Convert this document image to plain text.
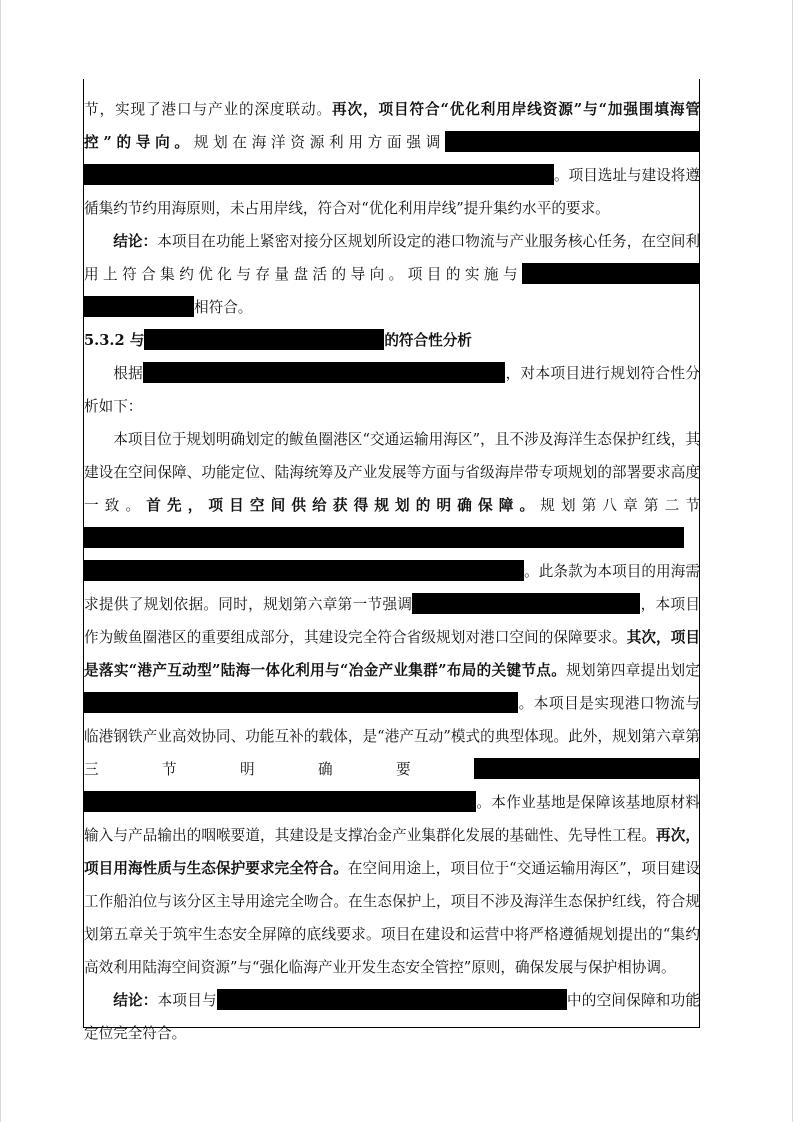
节，实现了港口与产业的深度联动。再次，项目符合“优化利用岸线资源”与“加强围填海管控”的导向。规划在海洋资源利用方面强调。项目选址与建设将遵循集约节约用海原则，未占用岸线，符合对“优化利用岸线”提升集约水平的要求。

结论：本项目在功能上紧密对接分区规划所设定的港口物流与产业服务核心任务，在空间利用上符合集约优化与存量盘活的导向。项目的实施与相符合。

5.3.2 与	的符合性分析

根据	，对本项目进行规划符合性分析如下：

本项目位于规划明确划定的鲅鱼圈港区“交通运输用海区”，且不涉及海洋生态保护红线，其建设在空间保障、功能定位、陆海统筹及产业发展等方面与省级海岸带专项规划的部署要求高度一致。首先，项目空间供给获得规划的明确保障。规划第八章第二节。此条款为本项目的用海需求提供了规划依据。同时，规划第六章第一节强调	，本项目作为鲅鱼圈港区的重要组成部分，其建设完全符合省级规划对港口空间的保障要求。其次，项目是落实“港产互动型”陆海一体化利用与“冶金产业集群”布局的关键节点。规划第四章提出划定。本项目是实现港口物流与临港钢铁产业高效协同、功能互补的载体，是“港产互动”模式的典型体现。此外，规划第六章第三节明确要。本作业基地是保障该基地原材料输入与产品输出的咽喉要道，其建设是支撑冶金产业集群化发展的基础性、先导性工程。再次，项目用海性质与生态保护要求完全符合。在空间用途上，项目位于“交通运输用海区”，项目建设工作船泊位与该分区主导用途完全吻合。在生态保护上，项目不涉及海洋生态保护红线，符合规划第五章关于筑牢生态安全屏障的底线要求。项目在建设和运营中将严格遵循规划提出的“集约高效利用陆海空间资源”与“强化临海产业开发生态安全管控”原则，确保发展与保护相协调。

结论：本项目与	中的空间保障和功能定位完全符合。
